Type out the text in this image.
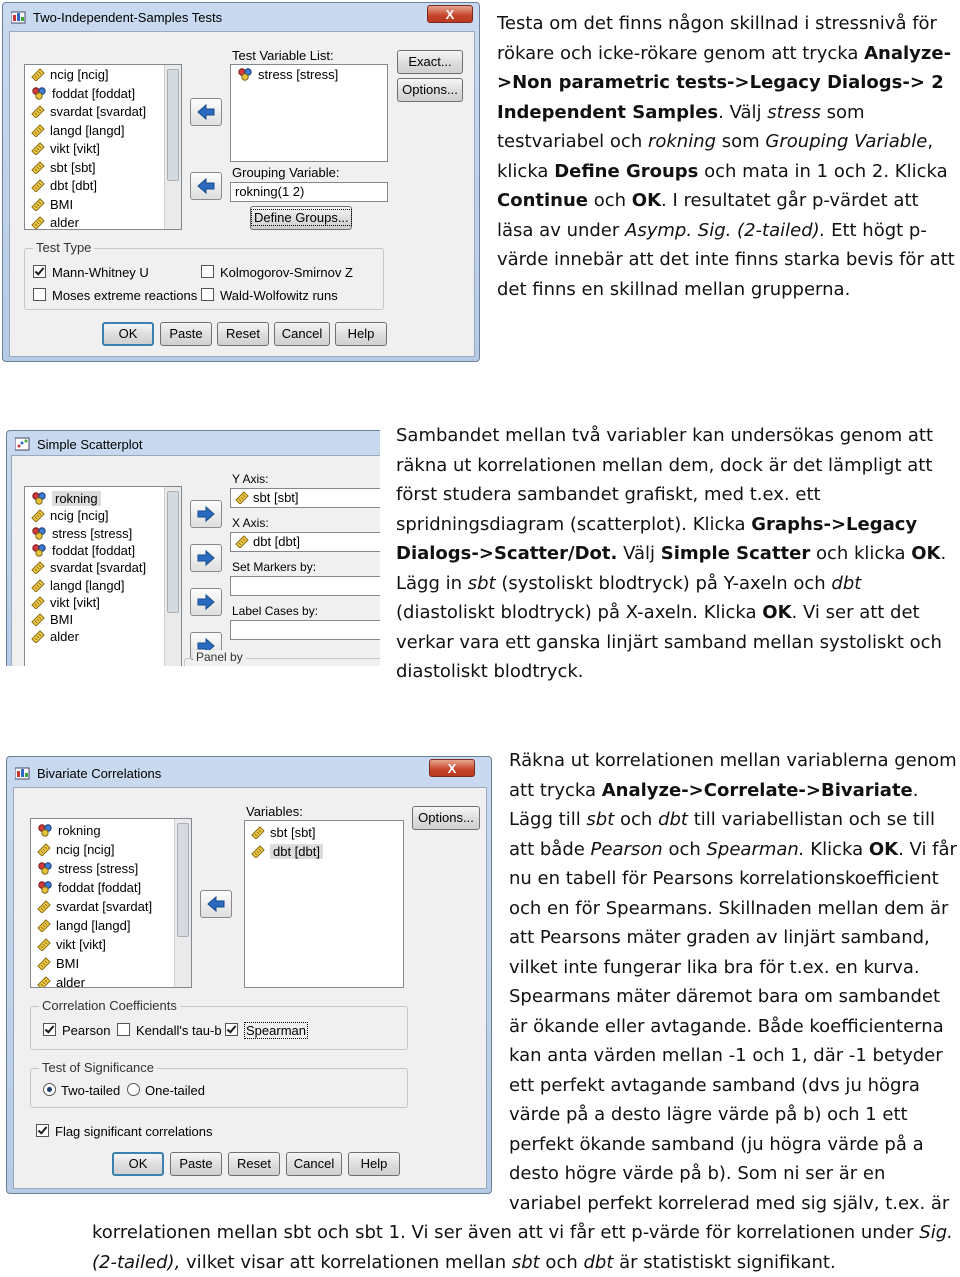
Two-Independent-Samples Tests	X
ncig [ncig]
foddat [foddat]
svardat [svardat]
langd [langd]
vikt [vikt]
sbt [sbt]
dbt [dbt]
BMI
alder
Test Variable List:
stress [stress]
Grouping Variable:
rokning(1 2)
Define Groups...
Exact...
Options...
Test Type
Mann-Whitney U	Kolmogorov-Smirnov Z
Moses extreme reactions	Wald-Wolfowitz runs
OK	Paste	Reset	Cancel	Help

Testa om det finns någon skillnad i stressnivå för rökare och icke-rökare genom att trycka Analyze->Non parametric tests->Legacy Dialogs-> 2 Independent Samples. Välj stress som testvariabel och rokning som Grouping Variable, klicka Define Groups och mata in 1 och 2. Klicka Continue och OK. I resultatet går p-värdet att läsa av under Asymp. Sig. (2-tailed). Ett högt p-värde innebär att det inte finns starka bevis för att det finns en skillnad mellan grupperna.

Simple Scatterplot
rokning
ncig [ncig]
stress [stress]
foddat [foddat]
svardat [svardat]
langd [langd]
vikt [vikt]
BMI
alder
Y Axis:
sbt [sbt]
X Axis:
dbt [dbt]
Set Markers by:
Label Cases by:
Panel by

Sambandet mellan två variabler kan undersökas genom att räkna ut korrelationen mellan dem, dock är det lämpligt att först studera sambandet grafiskt, med t.ex. ett spridningsdiagram (scatterplot). Klicka Graphs->Legacy Dialogs->Scatter/Dot. Välj Simple Scatter och klicka OK. Lägg in sbt (systoliskt blodtryck) på Y-axeln och dbt (diastoliskt blodtryck) på X-axeln. Klicka OK. Vi ser att det verkar vara ett ganska linjärt samband mellan systoliskt och diastoliskt blodtryck.

Bivariate Correlations	X
rokning
ncig [ncig]
stress [stress]
foddat [foddat]
svardat [svardat]
langd [langd]
vikt [vikt]
BMI
alder
Variables:
sbt [sbt]
dbt [dbt]
Options...
Correlation Coefficients
Pearson	Kendall's tau-b	Spearman
Test of Significance
Two-tailed	One-tailed
Flag significant correlations
OK	Paste	Reset	Cancel	Help
Räkna ut korrelationen mellan variablerna genom att trycka Analyze->Correlate->Bivariate. Lägg till sbt och dbt till variabellistan och se till att både Pearson och Spearman. Klicka OK. Vi får nu en tabell för Pearsons korrelationskoefficient och en för Spearmans. Skillnaden mellan dem är att Pearsons mäter graden av linjärt samband, vilket inte fungerar lika bra för t.ex. en kurva. Spearmans mäter däremot bara om sambandet är ökande eller avtagande. Både koefficienterna kan anta värden mellan -1 och 1, där -1 betyder ett perfekt avtagande samband (dvs ju högra värde på a desto lägre värde på b) och 1 ett perfekt ökande samband (ju högra värde på a desto högre värde på b). Som ni ser är en variabel perfekt korrelerad med sig själv, t.ex. är korrelationen mellan sbt och sbt 1. Vi ser även att vi får ett p-värde för korrelationen under Sig. (2-tailed), vilket visar att korrelationen mellan sbt och dbt är statistiskt signifikant.
